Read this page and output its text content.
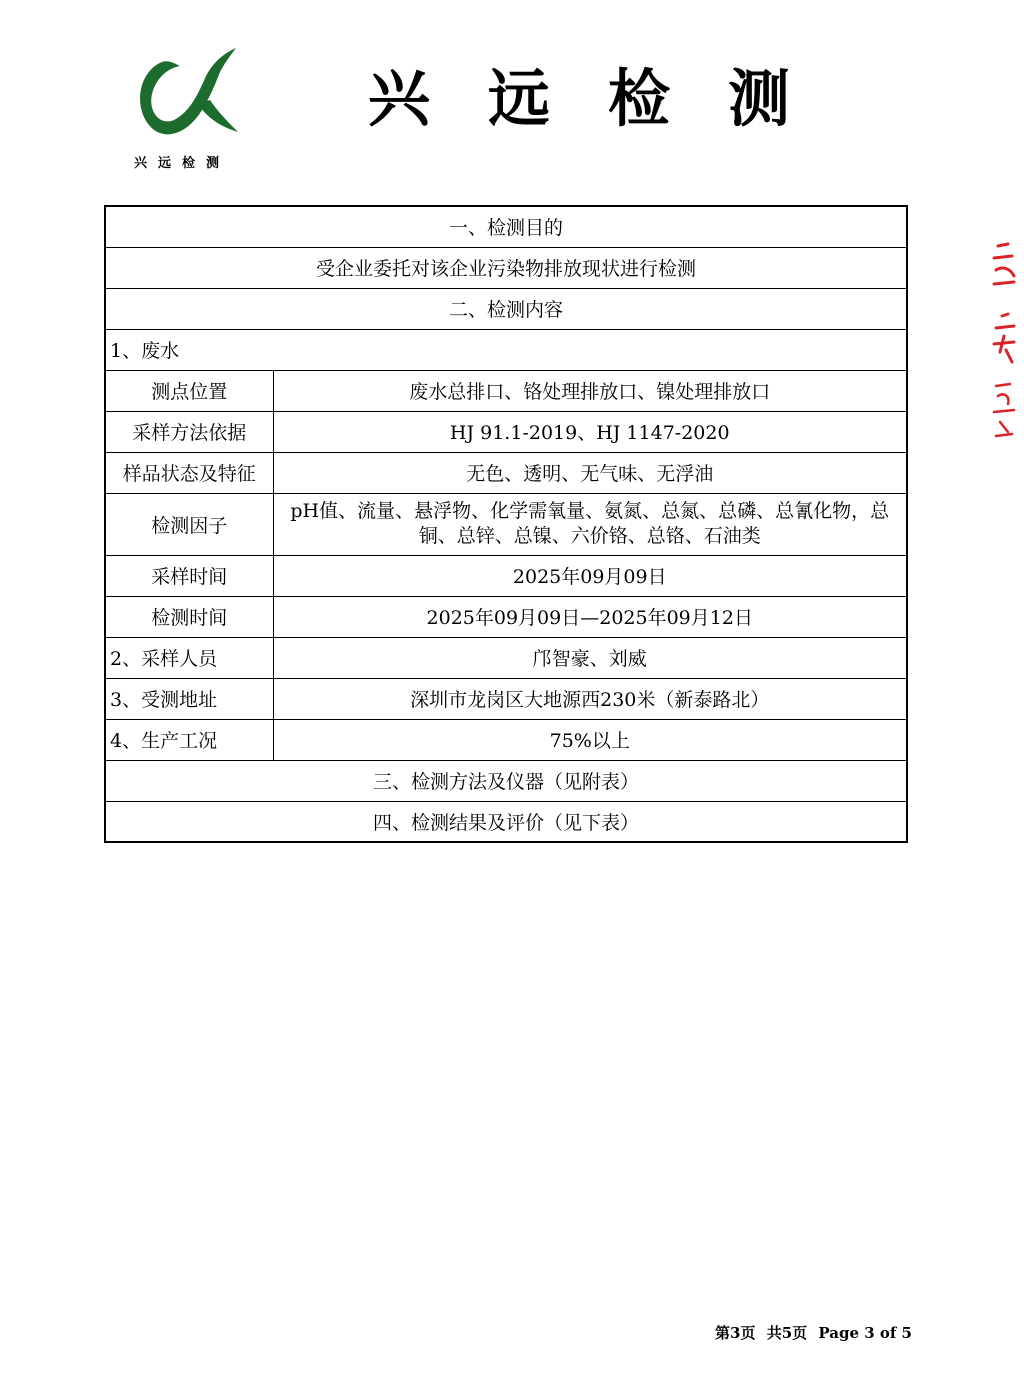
兴远检测
兴远检测
一、检测目的	
受企业委托对该企业污染物排放现状进行检测	
二、检测内容	
1、废水	
测点位置	废水总排口、铬处理排放口、镍处理排放口
采样方法依据	HJ 91.1-2019、HJ 1147-2020
样品状态及特征	无色、透明、无气味、无浮油
检测因子	pH值、流量、悬浮物、化学需氧量、氨氮、总氮、总磷、总氰化物，总铜、总锌、总镍、六价铬、总铬、石油类
采样时间	2025年09月09日
检测时间	2025年09月09日—2025年09月12日
2、采样人员	邝智豪、刘威
3、受测地址	深圳市龙岗区大地源西230米（新泰路北）
4、生产工况	75%以上
三、检测方法及仪器（见附表）	
四、检测结果及评价（见下表）	
第3页 共5页 Page 3 of 5
